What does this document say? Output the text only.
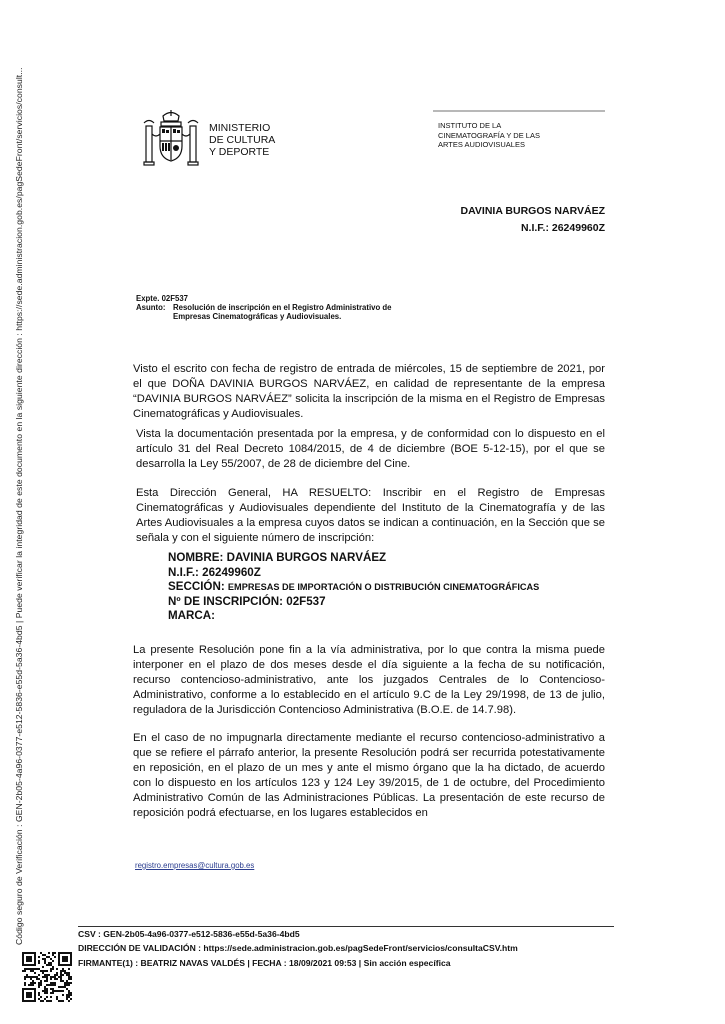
Código seguro de Verificación : GEN-2b05-4a96-0377-e512-5836-e55d-5a36-4bd5 | Puede verificar la integridad de este documento en la siguiente dirección : https://sede.administracion.gob.es/pagSedeFront/servicios/consult...	MINISTERIO
DE CULTURA
Y DEPORTE
INSTITUTO DE LA
CINEMATOGRAFÍA Y DE LAS
ARTES AUDIOVISUALES
DAVINIA BURGOS NARVÁEZ
N.I.F.: 26249960Z
Expte. 02F537
Asunto: Resolución de inscripción en el Registro Administrativo de Empresas Cinematográficas y Audiovisuales.
Visto el escrito con fecha de registro de entrada de miércoles, 15 de septiembre de 2021, por el que DOÑA DAVINIA BURGOS NARVÁEZ, en calidad de representante de la empresa “DAVINIA BURGOS NARVÁEZ” solicita la inscripción de la misma en el Registro de Empresas Cinematográficas y Audiovisuales.
Vista la documentación presentada por la empresa, y de conformidad con lo dispuesto en el artículo 31 del Real Decreto 1084/2015, de 4 de diciembre (BOE 5-12-15), por el que se desarrolla la Ley 55/2007, de 28 de diciembre del Cine.
Esta Dirección General, HA RESUELTO: Inscribir en el Registro de Empresas Cinematográficas y Audiovisuales dependiente del Instituto de la Cinematografía y de las Artes Audiovisuales a la empresa cuyos datos se indican a continuación, en la Sección que se señala y con el siguiente número de inscripción:
NOMBRE: DAVINIA BURGOS NARVÁEZ
N.I.F.: 26249960Z
SECCIÓN: EMPRESAS DE IMPORTACIÓN O DISTRIBUCIÓN CINEMATOGRÁFICAS
Nº DE INSCRIPCIÓN: 02F537
MARCA:
La presente Resolución pone fin a la vía administrativa, por lo que contra la misma puede interponer en el plazo de dos meses desde el día siguiente a la fecha de su notificación, recurso contencioso-administrativo, ante los juzgados Centrales de lo Contencioso-Administrativo, conforme a lo establecido en el artículo 9.C de la Ley 29/1998, de 13 de julio, reguladora de la Jurisdicción Contencioso Administrativa (B.O.E. de 14.7.98).
En el caso de no impugnarla directamente mediante el recurso contencioso-administrativo a que se refiere el párrafo anterior, la presente Resolución podrá ser recurrida potestativamente en reposición, en el plazo de un mes y ante el mismo órgano que la ha dictado, de acuerdo con lo dispuesto en los artículos 123 y 124 Ley 39/2015, de 1 de octubre, del Procedimiento Administrativo Común de las Administraciones Públicas. La presentación de este recurso de reposición podrá efectuarse, en los lugares establecidos en
registro.empresas@cultura.gob.es
CSV : GEN-2b05-4a96-0377-e512-5836-e55d-5a36-4bd5
DIRECCIÓN DE VALIDACIÓN : https://sede.administracion.gob.es/pagSedeFront/servicios/consultaCSV.htm
FIRMANTE(1) : BEATRIZ NAVAS VALDÉS | FECHA : 18/09/2021 09:53 | Sin acción específica
